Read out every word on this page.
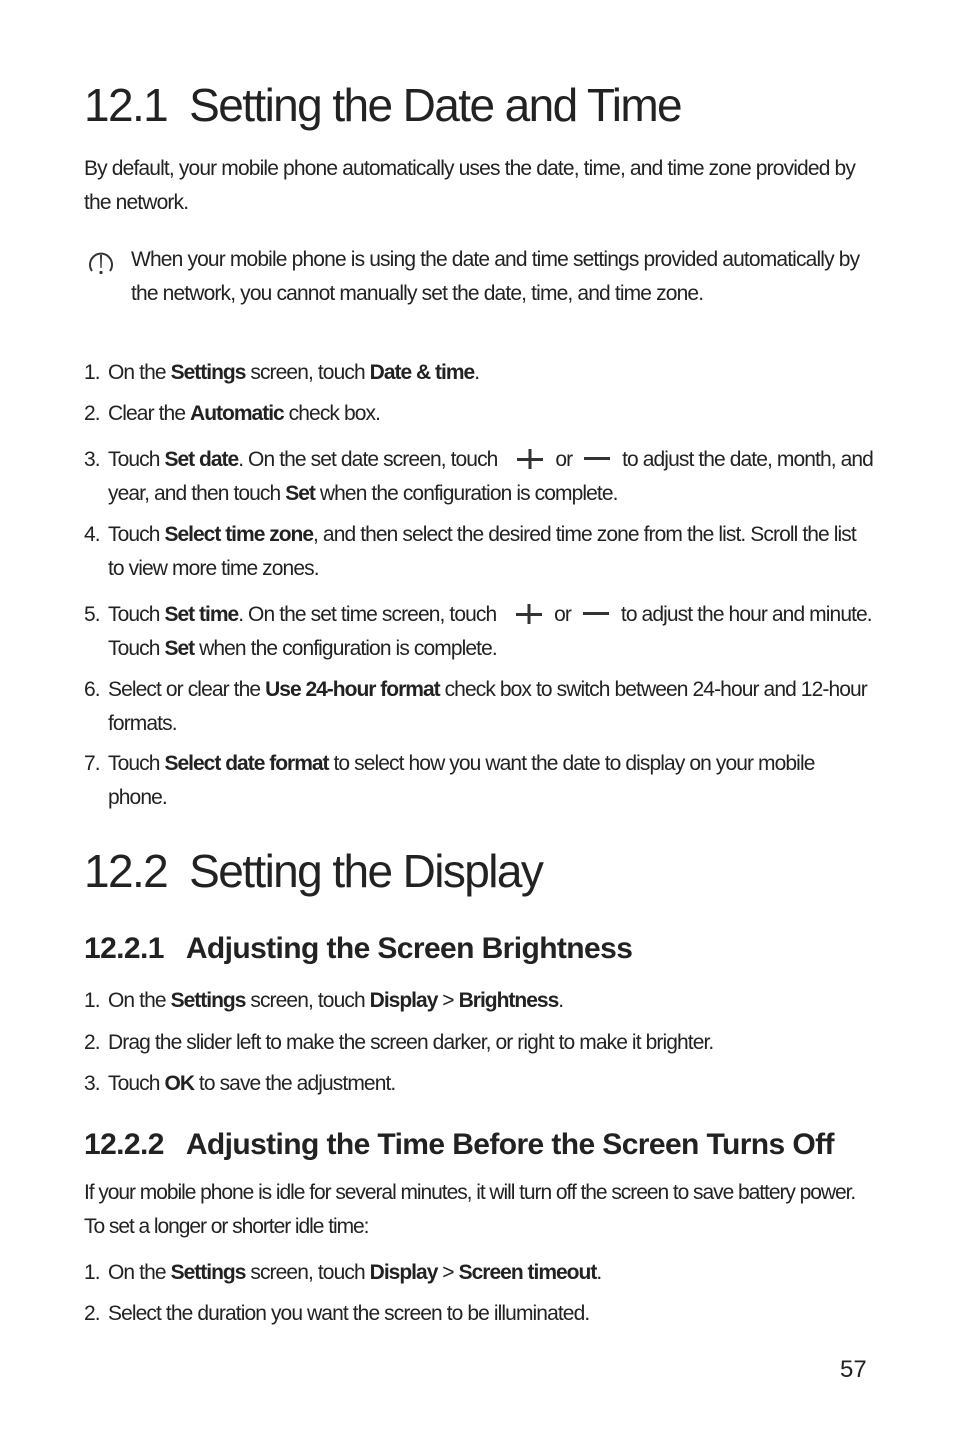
12.1 Setting the Date and Time

By default, your mobile phone automatically uses the date, time, and time zone provided by the network.

When your mobile phone is using the date and time settings provided automatically by the network, you cannot manually set the date, time, and time zone.
1. On the Settings screen, touch Date & time.
2. Clear the Automatic check box.
3. Touch Set date. On the set date screen, touch	or to adjust the date, month, and year, and then touch Set when the configuration is complete.
4. Touch Select time zone, and then select the desired time zone from the list. Scroll the list to view more time zones.
5. Touch Set time. On the set time screen, touch	or to adjust the hour and minute. Touch Set when the configuration is complete.
6. Select or clear the Use 24-hour format check box to switch between 24-hour and 12-hour formats.
7. Touch Select date format to select how you want the date to display on your mobile phone.
12.2 Setting the Display
12.2.1 Adjusting the Screen Brightness
1. On the Settings screen, touch Display > Brightness.
2. Drag the slider left to make the screen darker, or right to make it brighter.
3. Touch OK to save the adjustment.
12.2.2 Adjusting the Time Before the Screen Turns Off

If your mobile phone is idle for several minutes, it will turn off the screen to save battery power. To set a longer or shorter idle time:

1. On the Settings screen, touch Display > Screen timeout.
2. Select the duration you want the screen to be illuminated.
57
